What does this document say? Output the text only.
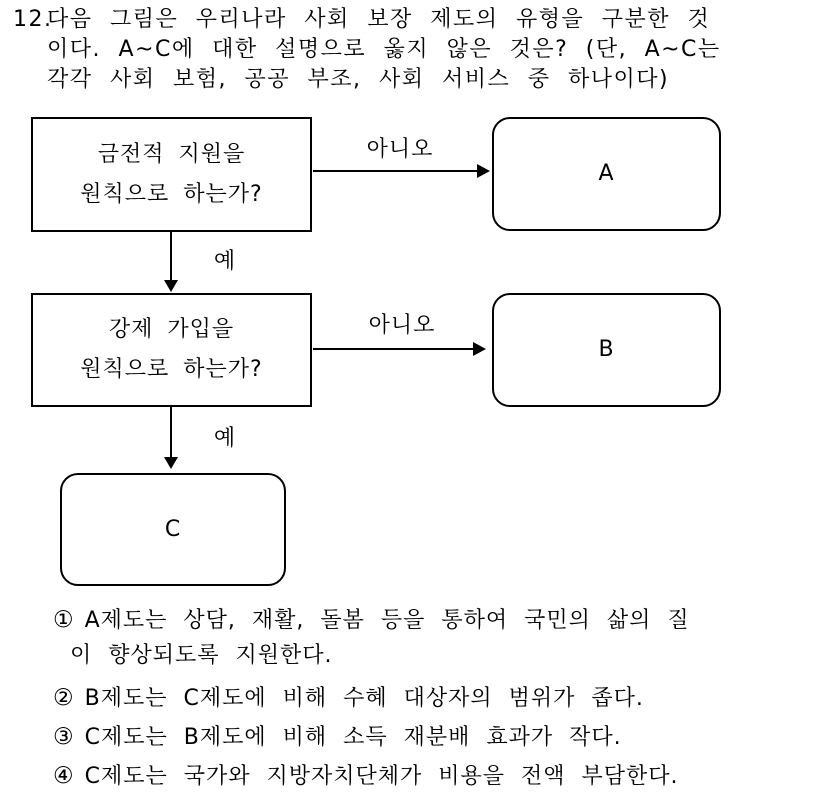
12.
다음 그림은 우리나라 사회 보장 제도의 유형을 구분한 것
이다. A~C에 대한 설명으로 옳지 않은 것은? (단, A~C는
각각 사회 보험, 공공 부조, 사회 서비스 중 하나이다)
금전적 지원을
원칙으로 하는가?
아니오
A
예
강제 가입을
원칙으로 하는가?
아니오
B
예
C
① A제도는 상담, 재활, 돌봄 등을 통하여 국민의 삶의 질
이 향상되도록 지원한다.
② B제도는 C제도에 비해 수혜 대상자의 범위가 좁다.
③ C제도는 B제도에 비해 소득 재분배 효과가 작다.
④ C제도는 국가와 지방자치단체가 비용을 전액 부담한다.
